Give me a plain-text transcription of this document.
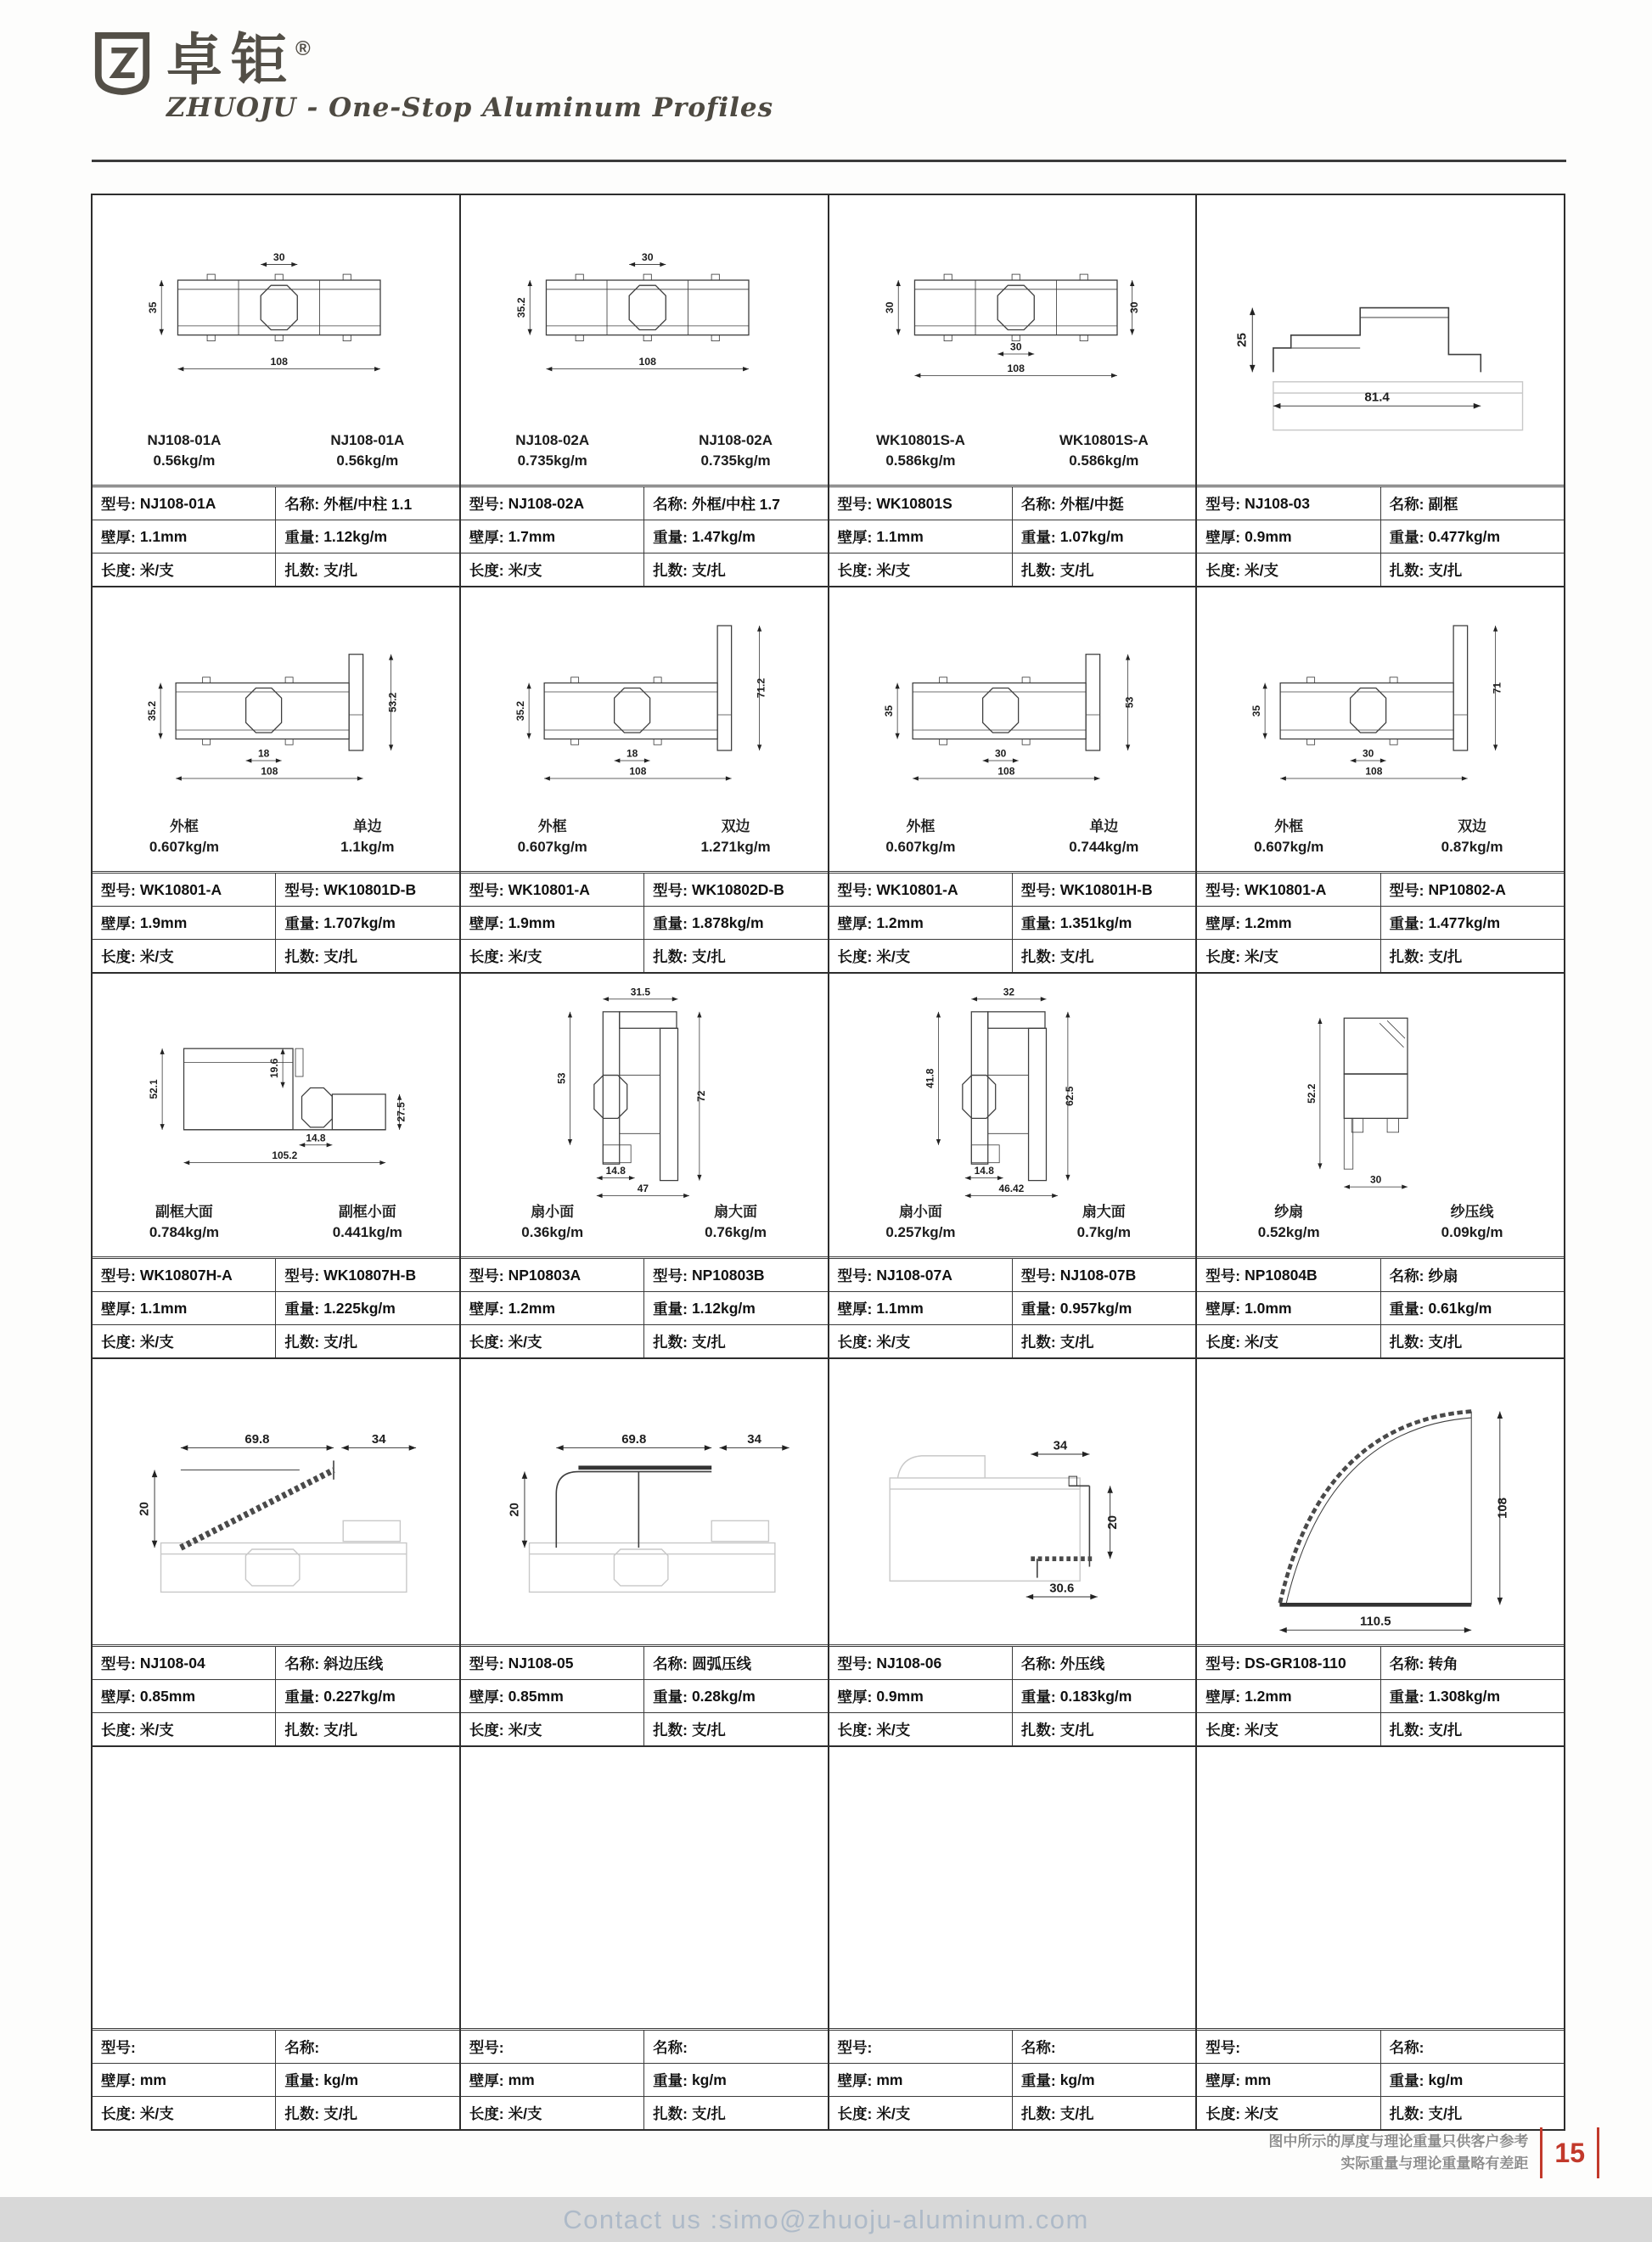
卓钜®
ZHUOJU - One-Stop Aluminum Profiles
30
35
108
NJ108-01A
0.56kg/m
NJ108-01A
0.56kg/m
型号: NJ108-01A	名称: 外框/中柱 1.1
壁厚: 1.1mm	重量: 1.12kg/m
长度: 米/支	扎数: 支/扎
30
35.2
108
NJ108-02A
0.735kg/m
NJ108-02A
0.735kg/m
型号: NJ108-02A	名称: 外框/中柱 1.7
壁厚: 1.7mm	重量: 1.47kg/m
长度: 米/支	扎数: 支/扎
30	30
30
108
WK10801S-A
0.586kg/m
WK10801S-A
0.586kg/m
型号: WK10801S	名称: 外框/中挺
壁厚: 1.1mm	重量: 1.07kg/m
长度: 米/支	扎数: 支/扎
25
81.4
型号: NJ108-03	名称: 副框
壁厚: 0.9mm	重量: 0.477kg/m
长度: 米/支	扎数: 支/扎
35.2	53.2
18
108
外框
0.607kg/m
单边
1.1kg/m
型号: WK10801-A	型号: WK10801D-B
壁厚: 1.9mm	重量: 1.707kg/m
长度: 米/支	扎数: 支/扎
35.2
71.2
18
108
外框
0.607kg/m
双边
1.271kg/m
型号: WK10801-A	型号: WK10802D-B
壁厚: 1.9mm	重量: 1.878kg/m
长度: 米/支	扎数: 支/扎
35
53
30
108
外框
0.607kg/m
单边
0.744kg/m
型号: WK10801-A	型号: WK10801H-B
壁厚: 1.2mm	重量: 1.351kg/m
长度: 米/支	扎数: 支/扎
35
71
30
108
外框
0.607kg/m
双边
0.87kg/m
型号: WK10801-A	型号: NP10802-A
壁厚: 1.2mm	重量: 1.477kg/m
长度: 米/支	扎数: 支/扎
52.1
19.6
27.5
14.8
105.2
副框大面
0.784kg/m
副框小面
0.441kg/m
型号: WK10807H-A	型号: WK10807H-B
壁厚: 1.1mm	重量: 1.225kg/m
长度: 米/支	扎数: 支/扎
31.5
53
72
14.8
47
扇小面
0.36kg/m
扇大面
0.76kg/m
型号: NP10803A	型号: NP10803B
壁厚: 1.2mm	重量: 1.12kg/m
长度: 米/支	扎数: 支/扎
32
41.8
62.5
14.8
46.42
扇小面
0.257kg/m
扇大面
0.7kg/m
型号: NJ108-07A	型号: NJ108-07B
壁厚: 1.1mm	重量: 0.957kg/m
长度: 米/支	扎数: 支/扎
52.2
30
纱扇
0.52kg/m
纱压线
0.09kg/m
型号: NP10804B	名称: 纱扇
壁厚: 1.0mm	重量: 0.61kg/m
长度: 米/支	扎数: 支/扎
69.8	34
20
型号: NJ108-04	名称: 斜边压线
壁厚: 0.85mm	重量: 0.227kg/m
长度: 米/支	扎数: 支/扎
69.8	34
20
型号: NJ108-05	名称: 圆弧压线
壁厚: 0.85mm	重量: 0.28kg/m
长度: 米/支	扎数: 支/扎
34
20
30.6
型号: NJ108-06	名称: 外压线
壁厚: 0.9mm	重量: 0.183kg/m
长度: 米/支	扎数: 支/扎
108
110.5
型号: DS-GR108-110	名称: 转角
壁厚: 1.2mm	重量: 1.308kg/m
长度: 米/支	扎数: 支/扎
型号:	名称:
壁厚: mm	重量: kg/m
长度: 米/支	扎数: 支/扎
型号:	名称:
壁厚: mm	重量: kg/m
长度: 米/支	扎数: 支/扎
型号:	名称:
壁厚: mm	重量: kg/m
长度: 米/支	扎数: 支/扎
型号:	名称:
壁厚: mm	重量: kg/m
长度: 米/支	扎数: 支/扎
图中所示的厚度与理论重量只供客户参考
实际重量与理论重量略有差距 15
Contact us :simo@zhuoju-aluminum.com
